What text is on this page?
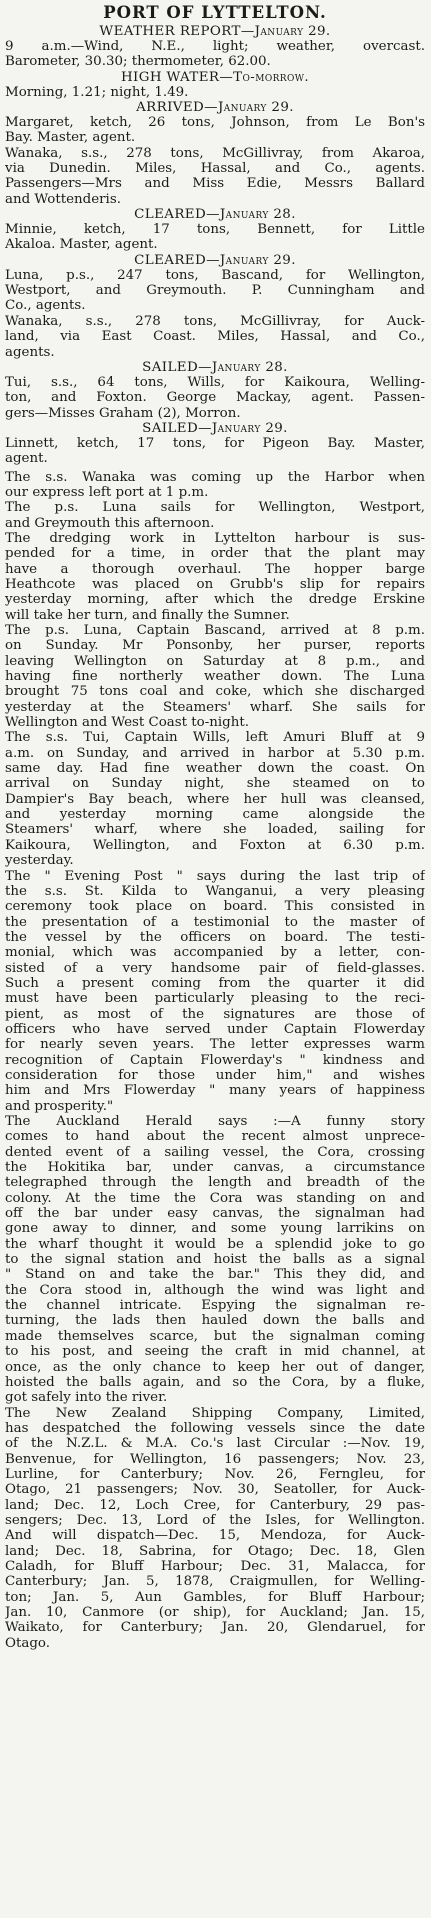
PORT OF LYTTELTON.
WEATHER REPORT—January 29.
9 a.m.—Wind, N.E., light; weather, overcast.
Barometer, 30.30; thermometer, 62.00.
HIGH WATER—To-morrow.
Morning, 1.21; night, 1.49.
ARRIVED—January 29.
Margaret, ketch, 26 tons, Johnson, from Le Bon's
Bay. Master, agent.
Wanaka, s.s., 278 tons, McGillivray, from Akaroa,
via Dunedin. Miles, Hassal, and Co., agents.
Passengers—Mrs and Miss Edie, Messrs Ballard
and Wottenderis.
CLEARED—January 28.
Minnie, ketch, 17 tons, Bennett, for Little
Akaloa. Master, agent.
CLEARED—January 29.
Luna, p.s., 247 tons, Bascand, for Wellington,
Westport, and Greymouth. P. Cunningham and
Co., agents.
Wanaka, s.s., 278 tons, McGillivray, for Auck-
land, via East Coast. Miles, Hassal, and Co.,
agents.
SAILED—January 28.
Tui, s.s., 64 tons, Wills, for Kaikoura, Welling-
ton, and Foxton. George Mackay, agent. Passen-
gers—Misses Graham (2), Morron.
SAILED—January 29.
Linnett, ketch, 17 tons, for Pigeon Bay. Master,
agent.
The s.s. Wanaka was coming up the Harbor when
our express left port at 1 p.m.
The p.s. Luna sails for Wellington, Westport,
and Greymouth this afternoon.
The dredging work in Lyttelton harbour is sus-
pended for a time, in order that the plant may
have a thorough overhaul. The hopper barge
Heathcote was placed on Grubb's slip for repairs
yesterday morning, after which the dredge Erskine
will take her turn, and finally the Sumner.
The p.s. Luna, Captain Bascand, arrived at 8 p.m.
on Sunday. Mr Ponsonby, her purser, reports
leaving Wellington on Saturday at 8 p.m., and
having fine northerly weather down. The Luna
brought 75 tons coal and coke, which she discharged
yesterday at the Steamers' wharf. She sails for
Wellington and West Coast to-night.
The s.s. Tui, Captain Wills, left Amuri Bluff at 9
a.m. on Sunday, and arrived in harbor at 5.30 p.m.
same day. Had fine weather down the coast. On
arrival on Sunday night, she steamed on to
Dampier's Bay beach, where her hull was cleansed,
and yesterday morning came alongside the
Steamers' wharf, where she loaded, sailing for
Kaikoura, Wellington, and Foxton at 6.30 p.m.
yesterday.
The " Evening Post " says during the last trip of
the s.s. St. Kilda to Wanganui, a very pleasing
ceremony took place on board. This consisted in
the presentation of a testimonial to the master of
the vessel by the officers on board. The testi-
monial, which was accompanied by a letter, con-
sisted of a very handsome pair of field-glasses.
Such a present coming from the quarter it did
must have been particularly pleasing to the reci-
pient, as most of the signatures are those of
officers who have served under Captain Flowerday
for nearly seven years. The letter expresses warm
recognition of Captain Flowerday's " kindness and
consideration for those under him," and wishes
him and Mrs Flowerday " many years of happiness
and prosperity."
The Auckland Herald says :—A funny story
comes to hand about the recent almost unprece-
dented event of a sailing vessel, the Cora, crossing
the Hokitika bar, under canvas, a circumstance
telegraphed through the length and breadth of the
colony. At the time the Cora was standing on and
off the bar under easy canvas, the signalman had
gone away to dinner, and some young larrikins on
the wharf thought it would be a splendid joke to go
to the signal station and hoist the balls as a signal
" Stand on and take the bar." This they did, and
the Cora stood in, although the wind was light and
the channel intricate. Espying the signalman re-
turning, the lads then hauled down the balls and
made themselves scarce, but the signalman coming
to his post, and seeing the craft in mid channel, at
once, as the only chance to keep her out of danger,
hoisted the balls again, and so the Cora, by a fluke,
got safely into the river.
The New Zealand Shipping Company, Limited,
has despatched the following vessels since the date
of the N.Z.L. & M.A. Co.'s last Circular :—Nov. 19,
Benvenue, for Wellington, 16 passengers; Nov. 23,
Lurline, for Canterbury; Nov. 26, Ferngleu, for
Otago, 21 passengers; Nov. 30, Seatoller, for Auck-
land; Dec. 12, Loch Cree, for Canterbury, 29 pas-
sengers; Dec. 13, Lord of the Isles, for Wellington.
And will dispatch—Dec. 15, Mendoza, for Auck-
land; Dec. 18, Sabrina, for Otago; Dec. 18, Glen
Caladh, for Bluff Harbour; Dec. 31, Malacca, for
Canterbury; Jan. 5, 1878, Craigmullen, for Welling-
ton; Jan. 5, Aun Gambles, for Bluff Harbour;
Jan. 10, Canmore (or ship), for Auckland; Jan. 15,
Waikato, for Canterbury; Jan. 20, Glendaruel, for
Otago.
